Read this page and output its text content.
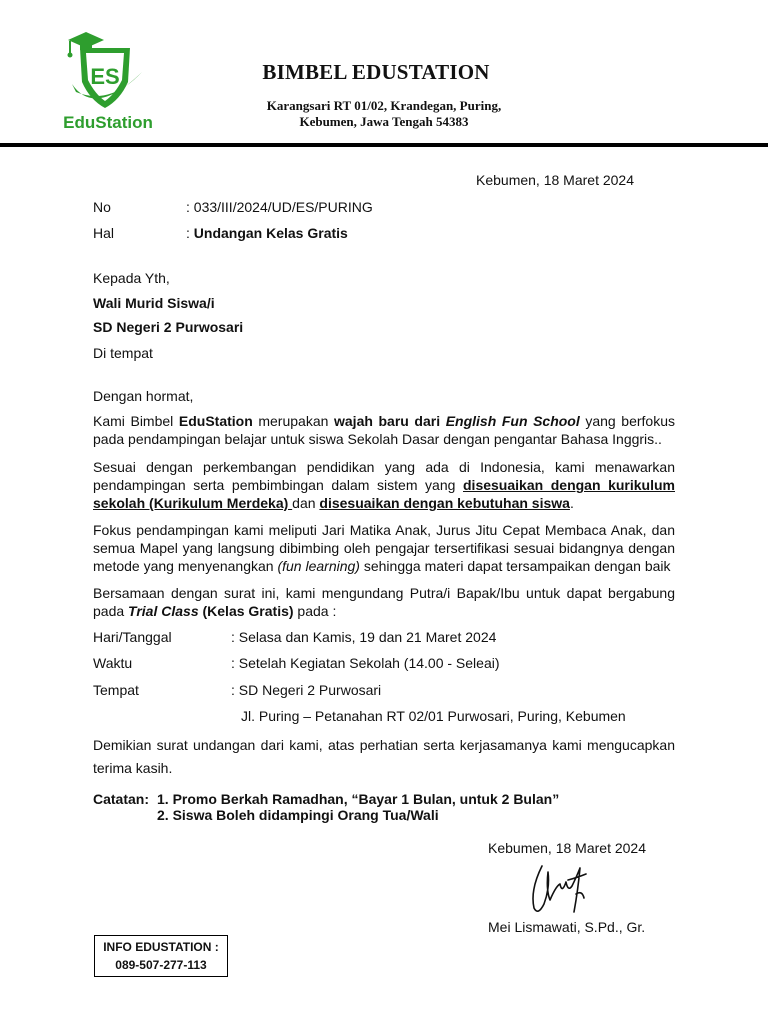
ES
EduStation
BIMBEL EDUSTATION
Karangsari RT 01/02, Krandegan, Puring,
Kebumen, Jawa Tengah 54383
Kebumen, 18 Maret 2024
No	: 033/III/2024/UD/ES/PURING
Hal	: Undangan Kelas Gratis
Kepada Yth,
Wali Murid Siswa/i
SD Negeri 2 Purwosari
Di tempat
Dengan hormat,

Kami Bimbel EduStation merupakan wajah baru dari English Fun School yang berfokus pada pendampingan belajar untuk siswa Sekolah Dasar dengan pengantar Bahasa Inggris..

Sesuai dengan perkembangan pendidikan yang ada di Indonesia, kami menawarkan pendampingan serta pembimbingan dalam sistem yang disesuaikan dengan kurikulum sekolah (Kurikulum Merdeka) dan disesuaikan dengan kebutuhan siswa.

Fokus pendampingan kami meliputi Jari Matika Anak, Jurus Jitu Cepat Membaca Anak, dan semua Mapel yang langsung dibimbing oleh pengajar tersertifikasi sesuai bidangnya dengan metode yang menyenangkan (fun learning) sehingga materi dapat tersampaikan dengan baik

Bersamaan dengan surat ini, kami mengundang Putra/i Bapak/Ibu untuk dapat bergabung pada Trial Class (Kelas Gratis) pada :

Hari/Tanggal	: Selasa dan Kamis, 19 dan 21 Maret 2024
Waktu	: Setelah Kegiatan Sekolah (14.00 - Seleai)
Tempat	: SD Negeri 2 Purwosari
Jl. Puring – Petanahan RT 02/01 Purwosari, Puring, Kebumen
Demikian surat undangan dari kami, atas perhatian serta kerjasamanya kami mengucapkan terima kasih.
Catatan: 1. Promo Berkah Ramadhan, “Bayar 1 Bulan, untuk 2 Bulan”
2. Siswa Boleh didampingi Orang Tua/Wali
Kebumen, 18 Maret 2024
Mei Lismawati, S.Pd., Gr.
INFO EDUSTATION :
089-507-277-113
